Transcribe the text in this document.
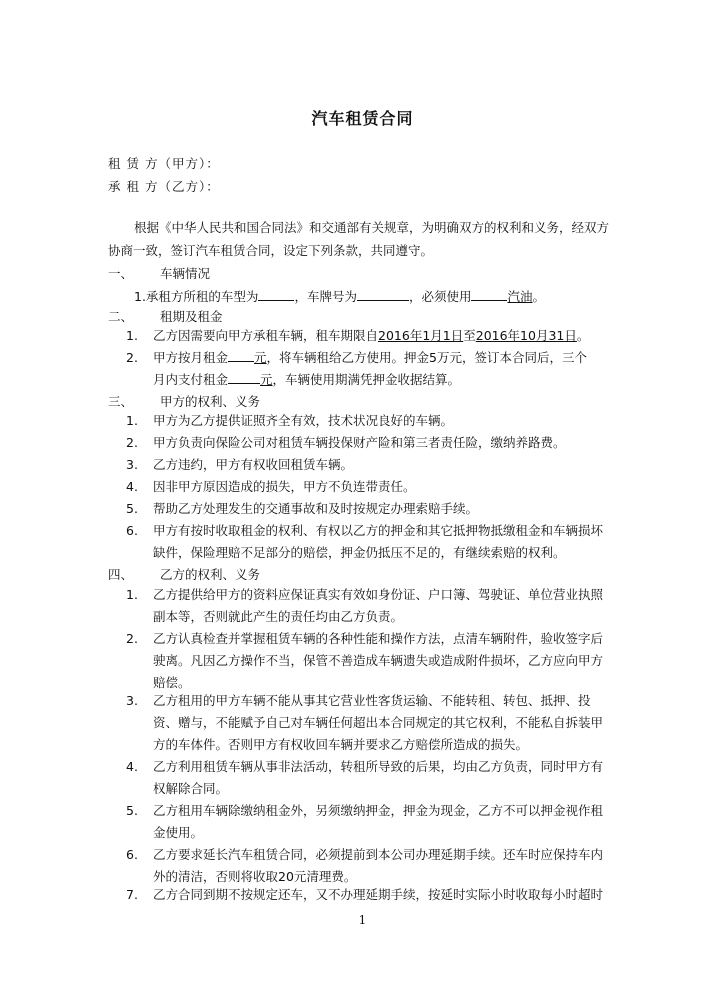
汽车租赁合同
租 赁 方（甲方）：
承 租 方（乙方）：
根据《中华人民共和国合同法》和交通部有关规章，为明确双方的权利和义务，经双方协商一致，签订汽车租赁合同，设定下列条款，共同遵守。
一、 车辆情况
1.承租方所租的车型为	，车牌号为	，必须使用	汽油。
二、 租期及租金
1.	乙方因需要向甲方承租车辆，租车期限自2016年1月1日至2016年10月31日。
2.	甲方按月租金 元，将车辆租给乙方使用。押金5万元，签订本合同后，三个
月内支付租金	元，车辆使用期满凭押金收据结算。
三、 甲方的权利、义务
1.	甲方为乙方提供证照齐全有效，技术状况良好的车辆。
2.	甲方负责向保险公司对租赁车辆投保财产险和第三者责任险，缴纳养路费。
3.	乙方违约，甲方有权收回租赁车辆。
4.	因非甲方原因造成的损失，甲方不负连带责任。
5.	帮助乙方处理发生的交通事故和及时按规定办理索赔手续。
6.	甲方有按时收取租金的权利、有权以乙方的押金和其它抵押物抵缴租金和车辆损坏缺件，保险理赔不足部分的赔偿，押金仍抵压不足的，有继续索赔的权利。
四、 乙方的权利、义务
1.	乙方提供给甲方的资料应保证真实有效如身份证、户口簿、驾驶证、单位营业执照副本等，否则就此产生的责任均由乙方负责。
2.	乙方认真检查并掌握租赁车辆的各种性能和操作方法，点清车辆附件，验收签字后驶离。凡因乙方操作不当，保管不善造成车辆遗失或造成附件损坏，乙方应向甲方赔偿。
3.	乙方租用的甲方车辆不能从事其它营业性客货运输、不能转租、转包、抵押、投资、赠与，不能赋予自己对车辆任何超出本合同规定的其它权利，不能私自拆装甲方的车体件。否则甲方有权收回车辆并要求乙方赔偿所造成的损失。
4.	乙方利用租赁车辆从事非法活动，转租所导致的后果，均由乙方负责，同时甲方有权解除合同。
5.	乙方租用车辆除缴纳租金外，另须缴纳押金，押金为现金，乙方不可以押金视作租金使用。
6.	乙方要求延长汽车租赁合同，必须提前到本公司办理延期手续。还车时应保持车内外的清洁，否则将收取20元清理费。
7.	乙方合同到期不按规定还车，又不办理延期手续，按延时实际小时收取每小时超时
1
